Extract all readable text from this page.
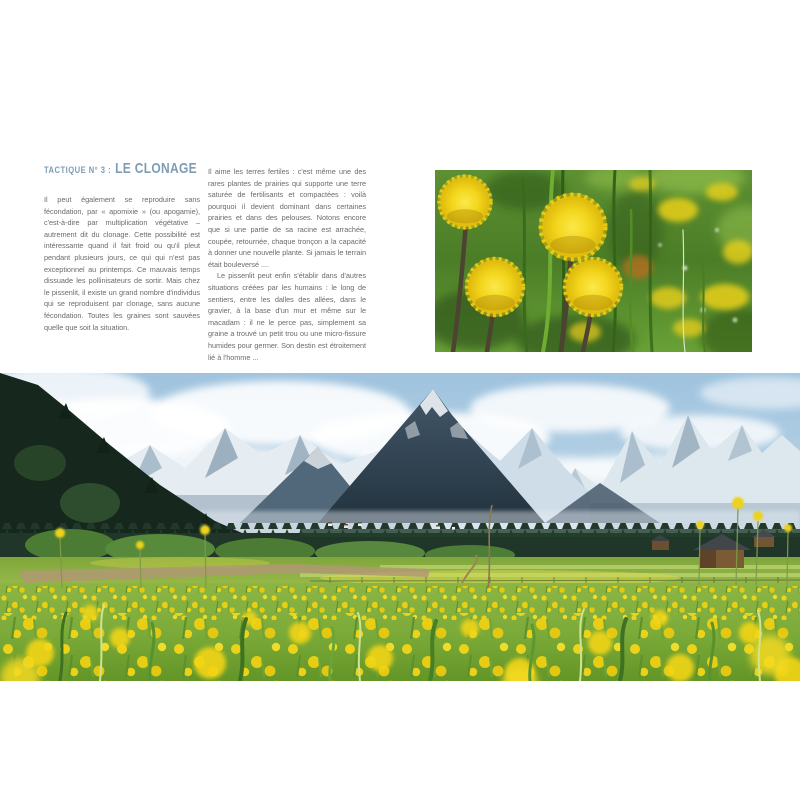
TACTIQUE N° 3 : LE CLONAGE

Il peut également se reproduire sans fécondation, par « apomixie » (ou apogamie), c'est-à-dire par multiplication végétative – autrement dit du clonage. Cette possibilité est intéressante quand il fait froid ou qu'il pleut pendant plusieurs jours, ce qui qui n'est pas exceptionnel au printemps. Ce mauvais temps dissuade les pollinisateurs de sortir. Mais chez le pissenlit, il existe un grand nombre d'individus qui se reproduisent par clonage, sans aucune fécondation. Toutes les graines sont sauvées quelle que soit la situation.

Il aime les terres fertiles : c'est même une des rares plantes de prairies qui supporte une terre saturée de fertilisants et compactées : voilà pourquoi il devient dominant dans certaines prairies et dans des pelouses. Notons encore que si une partie de sa racine est arrachée, coupée, retournée, chaque tronçon a la capacité à donner une nouvelle plante. Si jamais le terrain était bouleversé ....

Le pissenlit peut enfin s'établir dans d'autres situations créées par les humains : le long de sentiers, entre les dalles des allées, dans le gravier, à la base d'un mur et même sur le macadam : il ne le perce pas, simplement sa graine a trouvé un petit trou ou une micro-fissure humides pour germer. Son destin est étroitement lié à l'homme ...
